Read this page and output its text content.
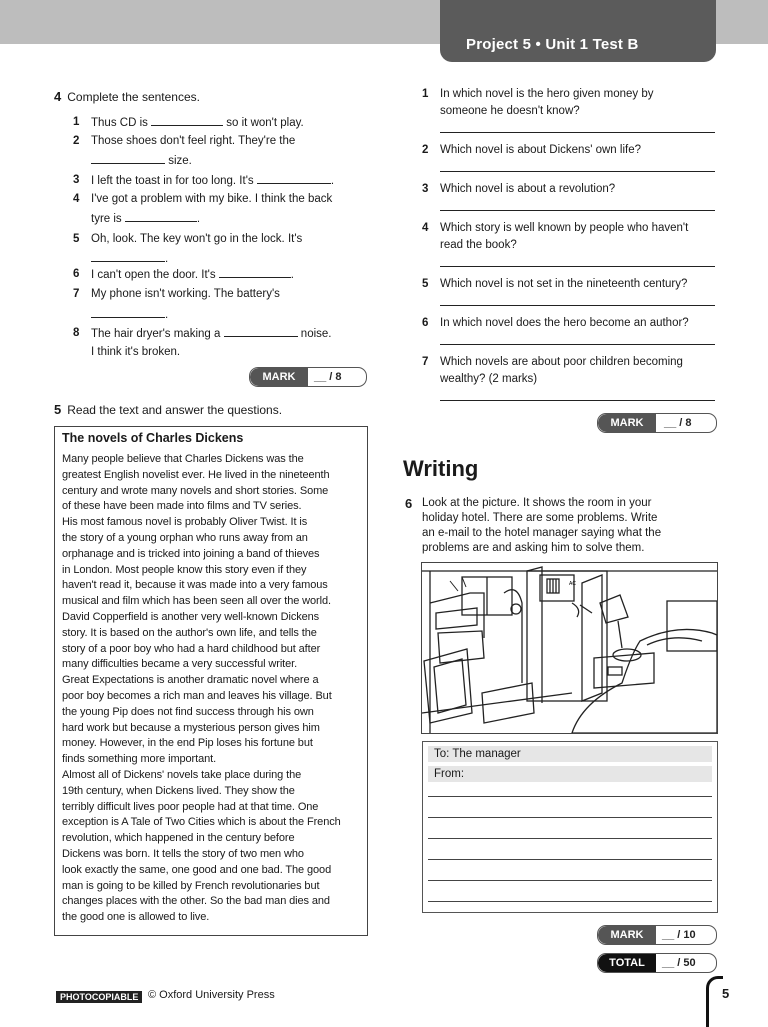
Project 5 • Unit 1 Test B
4 Complete the sentences.
1 Thus CD is	so it won't play.
2 Those shoes don't feel right. They're the
size.
3 I left the toast in for too long. It's	.
4 I've got a problem with my bike. I think the back
tyre is	.
5 Oh, look. The key won't go in the lock. It's
.
6 I can't open the door. It's	.
7 My phone isn't working. The battery's
.
8 The hair dryer's making a	noise.
I think it's broken.
MARK	__ / 8
5 Read the text and answer the questions.
The novels of Charles Dickens
Many people believe that Charles Dickens was the
greatest English novelist ever. He lived in the nineteenth
century and wrote many novels and short stories. Some
of these have been made into films and TV series.
His most famous novel is probably Oliver Twist. It is
the story of a young orphan who runs away from an
orphanage and is tricked into joining a band of thieves
in London. Most people know this story even if they
haven't read it, because it was made into a very famous
musical and film which has been seen all over the world.
David Copperfield is another very well-known Dickens
story. It is based on the author's own life, and tells the
story of a poor boy who had a hard childhood but after
many difficulties became a very successful writer.
Great Expectations is another dramatic novel where a
poor boy becomes a rich man and leaves his village. But
the young Pip does not find success through his own
hard work but because a mysterious person gives him
money. However, in the end Pip loses his fortune but
finds something more important.
Almost all of Dickens' novels take place during the
19th century, when Dickens lived. They show the
terribly difficult lives poor people had at that time. One
exception is A Tale of Two Cities which is about the French
revolution, which happened in the century before
Dickens was born. It tells the story of two men who
look exactly the same, one good and one bad. The good
man is going to be killed by French revolutionaries but
changes places with the other. So the bad man dies and
the good one is allowed to live.
1 In which novel is the hero given money by
someone he doesn't know?
2 Which novel is about Dickens' own life?
3 Which novel is about a revolution?
4 Which story is well known by people who haven't
read the book?
5 Which novel is not set in the nineteenth century?
6 In which novel does the hero become an author?
7 Which novels are about poor children becoming
wealthy? (2 marks)
MARK	__ / 8
Writing
6 Look at the picture. It shows the room in your
holiday hotel. There are some problems. Write
an e-mail to the hotel manager saying what the
problems are and asking him to solve them.
AC
To: The manager
From:
MARK	__ / 10
TOTAL	__ / 50
PHOTOCOPIABLE © Oxford University Press	5
